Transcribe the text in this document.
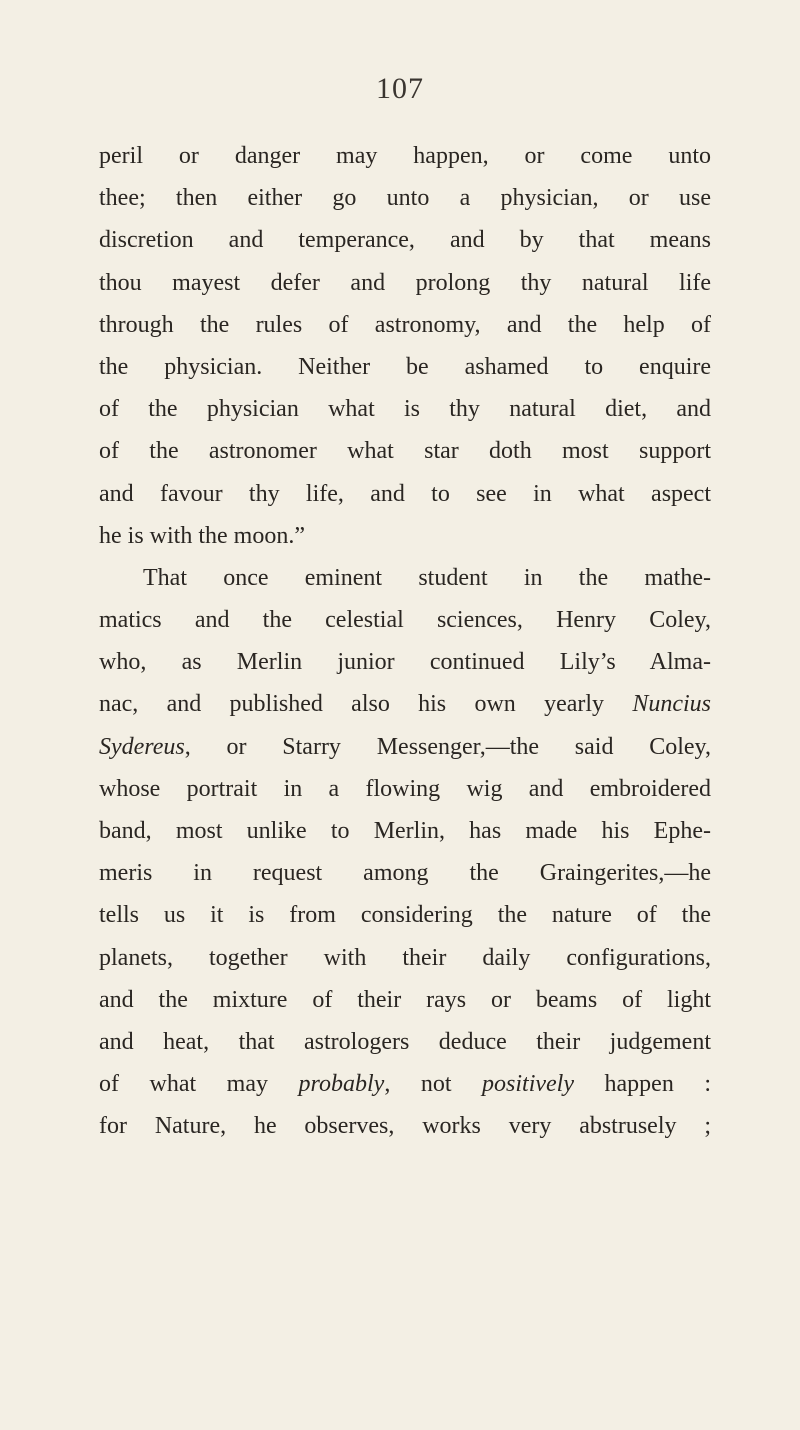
107
peril or danger may happen, or come unto
thee; then either go unto a physician, or use
discretion and temperance, and by that means
thou mayest defer and prolong thy natural life
through the rules of astronomy, and the help of
the physician. Neither be ashamed to enquire
of the physician what is thy natural diet, and
of the astronomer what star doth most support
and favour thy life, and to see in what aspect
he is with the moon.”
That once eminent student in the mathe-
matics and the celestial sciences, Henry Coley,
who, as Merlin junior continued Lily’s Alma-
nac, and published also his own yearly Nuncius
Sydereus, or Starry Messenger,—the said Coley,
whose portrait in a flowing wig and embroidered
band, most unlike to Merlin, has made his Ephe-
meris in request among the Graingerites,—he
tells us it is from considering the nature of the
planets, together with their daily configurations,
and the mixture of their rays or beams of light
and heat, that astrologers deduce their judgement
of what may probably, not positively happen :
for Nature, he observes, works very abstrusely ;
